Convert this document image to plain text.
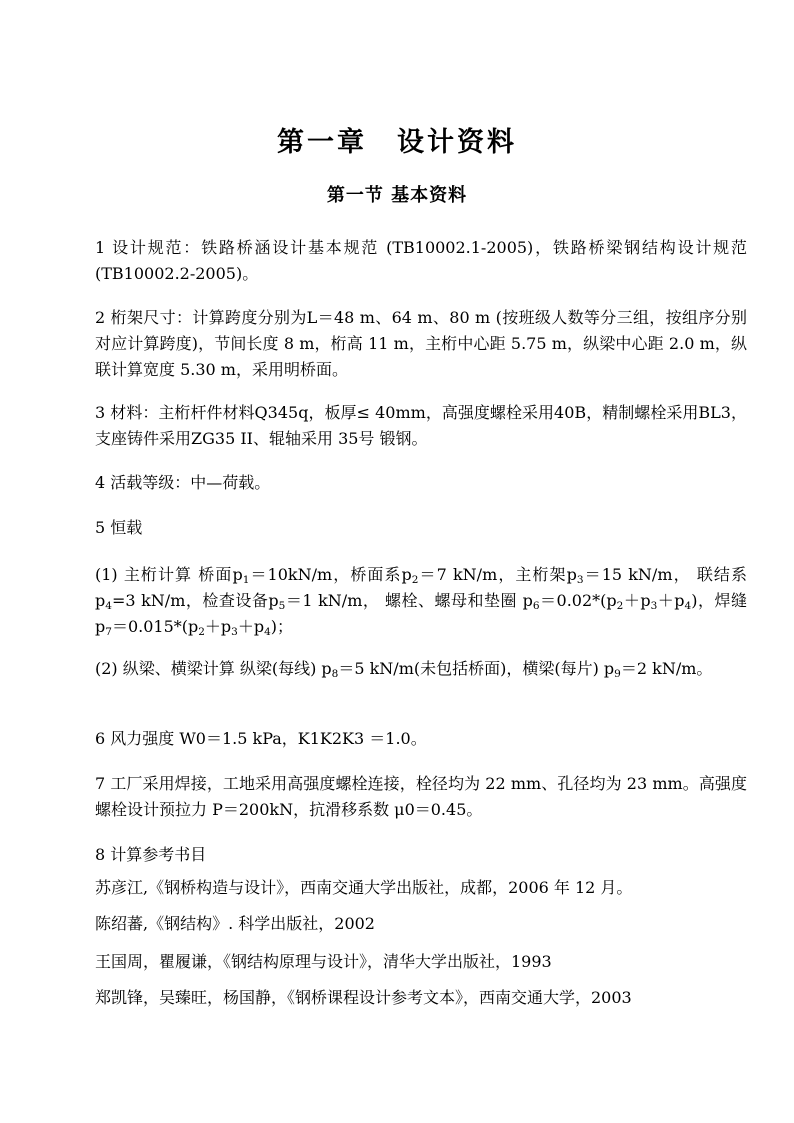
第一章 设计资料
第一节 基本资料

1 设计规范：铁路桥涵设计基本规范 (TB10002.1-2005)，铁路桥梁钢结构设计规范(TB10002.2-2005)。

2 桁架尺寸：计算跨度分别为L＝48 m、64 m、80 m (按班级人数等分三组，按组序分别对应计算跨度)，节间长度 8 m，桁高 11 m，主桁中心距 5.75 m，纵梁中心距 2.0 m，纵联计算宽度 5.30 m，采用明桥面。

3 材料：主桁杆件材料Q345q，板厚≤ 40mm，高强度螺栓采用40B，精制螺栓采用BL3，支座铸件采用ZG35 II、辊轴采用 35号 锻钢。

4 活载等级：中—荷载。

5 恒载

(1) 主桁计算 桥面$p_1=10kN/m$，桥面系$p_2=7$ kN/m，主桁架$p_3=15$ kN/m， 联结系 $p_4=3$ kN/m，检查设备$p_5=1$ kN/m， 螺栓、螺母和垫圈 $p_6=0.02*(p_2+p_3+p_4)$，焊缝 $p_7=0.015*(p_2+p_3+p_4)$；

(2) 纵梁、横梁计算 纵梁(每线) $p_8=5$ kN/m(未包括桥面)，横梁(每片) $p_9=2$ kN/m。

6 风力强度 W0＝1.5 kPa，K1K2K3 ＝1.0。

7 工厂采用焊接，工地采用高强度螺栓连接，栓径均为 22 mm、孔径均为 23 mm。高强度螺栓设计预拉力 P＝200kN，抗滑移系数 μ0＝0.45。

8 计算参考书目

苏彦江,《钢桥构造与设计》，西南交通大学出版社，成都，2006 年 12 月。

陈绍蕃,《钢结构》. 科学出版社，2002

王国周，瞿履谦，《钢结构原理与设计》，清华大学出版社，1993

郑凯锋，吴臻旺，杨国静，《钢桥课程设计参考文本》，西南交通大学，2003
